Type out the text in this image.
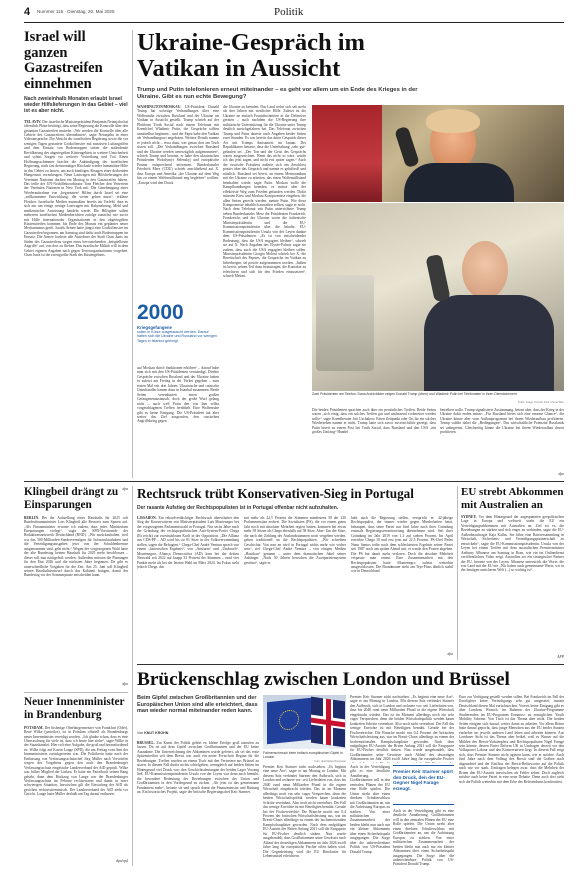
4 Nummer 115 · Dienstag, 20. Mai 2025	Politik
Israel will ganzen Gazastreifen einnehmen
Nach zweieinhalb Monaten erlaubt Israel wieder Hilfslieferungen in das Gebiet – viel ist es aber nicht.
TEL AVIV. Der israelische Ministerpräsident Benjamin Netanjahu hat öffentlich Pläne bestätigt, dass seine Regierung die Kontrolle über den gesamten Gazastreifen anstrebe. „Wir werden die Kontrolle über alle Gebiete des Gazastreifens übernehmen“, sagte Netanjahu in einer Videoansprache. Die Absicht der israelischen Regierung sowie die vor wenigen Tagen gestartete Großoffensive mit massiven Luftangriffen und dem Einsatz von Bodentruppen stören die notleidende Bevölkerung des abgeriegelten Küstengebiets in weitere Unsicherheit und schürt Sorgen vor weiterer Vertreibung und Tod. Einen Hoffnungsschimmer brachte die Ankündigung der israelischen Regierung, nach fast dreimonatiger Blockade wieder humanitäre Hilfe in das Gebiet zu lassen, um auch künftigen Absagen einer drohenden Hungersnot vorzubeugen. Neun Lastwagen mit Hilfslieferungen der Vereinten Nationen durften ein Montag in den Gazastreifen fahren. Das teilte der UN-Nothilfekoordinator Tom Fletcher den Vertretern der Vereinten Nationen in New York mit. Die Genehmigung einer Wiederaufnahme von „begrenzten“ Hilfen durch Israel sei eine „willkommene Entwicklung, die weiter gehen muss“, erklärte Fletcher. Israelische Medien mutmaßten bereits im Vorfeld, dass es sich nur um einige wenige Lastwagen mit Babynahrung, Mehl und medizinischer Ausrüstung handeln werde. Die Hilfsgüter sollen mehreren israelischen Medienberichten zufolge zunächst wie zuvor mit Hilfe internationaler Organisationen in den abgeriegelten Küstenstreifen kommen, bis Ende des Monats ein geplanter neuer Mechanismus greift. Israels Armee hatte jüngst eine Großoffensive im Gazastreifen begonnen, am Samstag sind dafür auch Bodentruppen im Einsatz. Die Armee forderte alle Anwohner der Stadt Chan Junis im Süden des Gazastreifens wegen eines bevorstehenden „beispiellosen Angriffs“ auf, von dort zu fliehen. Das israelische Militär will in dem Gebiet eigenen Angaben nach gegen Terrororganisationen vorgehen. Chan Junis ist die zweitgrößte Stadt des Küstengebiets.
dpa
Ukraine-Gespräch im Vatikan in Aussicht
Trump und Putin telefonieren erneut miteinander – es geht vor allem um ein Ende des Krieges in der Ukraine. Gibt es nun echte Bewegung?
WASHINGTON/MOSKAU. US-Präsident Donald Trump hat sofortige Verhandlungen über eine Waffenruhe zwischen Russland und der Ukraine im Vatikan in Aussicht gestellt. Trump schrieb auf der Plattform Truth Social nach einem Telefonat mit Kremlchef Wladimir Putin, die Gespräche sollten unmittelbar beginnen – und der Papst habe den Vatikan als Verhandlungsort angeboten. Weitere Details nannte er jedoch nicht – etwa dazu, wer genau dort am Tisch sitzen soll. „Die Verhandlungen zwischen Russland und der Ukraine werden unverzüglich aufgenommen“, schrieb Trump und betonte, er habe den ukrainischen Präsidenten Wolodymyr Selenskyj und europäische Partner entsprechend informiert. Bundeskanzler Friedrich Merz (CDU) schrieb anschließend auf X, dass Europa und Amerika „die Ukraine auf dem Weg hin zu einem Waffenstillstand eng begleiten“ wollten. „Europa wird den Druck
2000
Kriegsgefangene
sollen in Kürze ausgetauscht werden. Darauf hatten sich die Ukraine und Russland vor wenigen Tagen in Istanbul geeinigt.
auf Moskau durch Sanktionen erhöhen“ – darauf habe man sich mit den US-Präsidenten verständigt. Direkte Gespräche zwischen Russland und der Ukraine hatten es zuletzt am Freitag in der Türkei gegeben – zum ersten Mal seit drei Jahren. Ukrainische und russische Unterhändler kamen dazu in Istanbul zusammen. Beide Seiten vereinbarten einen großen Gefangenenaustausch, doch der große Wurf gelang nicht – auch weil Putin den von ihm selbst vorgeschlagenen Treffen fernblieb. Eine Waffenruhe gibt es keine Einigung. Die US-Präsident hat aber weiter das Ziel ausgerufen, den russischen Angriffskrieg gegen
die Ukraine zu beenden. Das Land wehrt sich seit mehr als drei Jahren mit westlicher Hilfe. Zuletzt ist die Ukraine an einfach Frontabschnitten in die Defensive geraten – auch nachdem die US-Regierung ihre militärische Unterstützung für die Ukraine unter Trump deutlich zurückgefahren hat. Das Telefonat zwischen Trump und Putin dauerte nach Angaben beider Seiten zwei Stunden. Es war bereits das dritte Gespräch dieser Art seit Trumps Amtsantritt im Januar. Der Republikaner betonte, dass die Unterhaltung „sehr gut“ gelaufen sei. „Der Ton und der Geist des Gesprächs waren ausgezeichnet. Wenn das nicht so wäre, würde ich das jetzt sagen, und nicht erst später sagen.“ Auch der russische Präsident äußerte sich am Anschluss positiv über das Gespräch und nannte es gehaltvoll und nützlich. Russland sei bereit, an einem Memorandum mit der Ukraine zu arbeiten, das einen Waffenstillstand beinhalten würde, sagte Putin. Moskau wolle die Kampfhandlungen beenden, es müsse aber der effektivste Weg zum Frieden gefunden werden. Dafür müssten Kiew und Moskau Kompromisse eingehen, die allen Seiten gerecht werden, meinte Putin. Wie diese Kompromisse inhaltlich aussehen sollten, sagte er nicht. Nach dem Telefonat mit Putin unterrichtete Trump neben Bundeskanzler Merz die Präsidenten Frankreich, Frankreichs und der Ukraine sowie die italienische Ministerpräsidentin und die EU-Kommissionspräsidentin über die Inhalte. EU-Kommissionspräsidentin Ursula von der Leyen dankte dem US-Präsidenten. „Es ist von entscheidender Bedeutung, dass die USA engagiert bleiben“, schrieb sie auf X. Nach Angaben des Elysée-Palasts sagte sie zudem, dass auch die USA engagiert bleiben sollen. Ministerpräsidentin Giorgia Meloni schrieb bei X, die Bereitschaft des Papstes, die Gespräche im Vatikan zu beherbergen, sei positiv aufgenommen worden. „Italien ist bereit, seinen Teil dazu beizutragen, die Kontakte zu erleichtern und sich für den Frieden einzusetzen“, schrieb Meloni.
Zwei Präsidenten am Telefon: Dana Archivbilder zeigen Donald Trump (oben) und Wladimir Putin bei Telefonaten in ihren Dienstzimmern.
Fotos: Imago, Kremlin Pool / Zuma Wire
Die beiden Präsidenten sprachen auch über ein persönliches Treffen. Beide Seiten waren „sich einig, dass ein solches Treffen gut und umfassend vorbereitet werden sollte“, sagte Kremlberater Juri Uschakow. Einen Zeitpunkt oder Ort für ein solches Wiedersehen nannte er nicht. Trump hatte sich zuvor zuversichtlich gezeigt, dass Putin bereit zu einem Post bei Truth Social, dass Russland und den USA „ein großes Umfang“ Handel
betreiben wolle. Trump signalisierte Zustimmung, betont aber, dass der Krieg in der Ukraine dafür enden müsse. „Für Russland bietet sich eine enorme Chance“, die Ukraine könne aber vom Aufbauprogramm bei ihrem Wiederaufbau profitieren. Trump wählte dabei die „Bedingungen“. Das wirtschaftliche Potenzial Russlands sei unbegrenzt. Gleichzeitig könne die Ukraine bei ihrem Wiederaufbau davon profitieren.
dpa
Rechtsruck trübt Konservativen-Sieg in Portugal
Der rasante Aufstieg der Rechtspopulisten ist in Portugal offenbar nicht aufzuhalten.
LISSABON. Ein rekordverdächtiger Rechtsruck überschattet den Sieg der Konservativen von Ministerpräsident Luís Montenegro bei der vorgezogenen Parlamentswahl in Portugal. Nur sechs Jahre nach der Gründung der rechtspopulistischen Anti-System-Partei Chega (Es reicht) zur zweitstärksten Kraft in der Opposition. „Die Allianz aus CDS-PP – AD wird bis zu 91 Sitze in der Volksversammlung stellen, sagen die Befragten.“ Chega-Chef André Ventura sprach von einem „historischen Ergebnis“, von „Ansturm“ und „Umbruch“. Montenegros Aliança Democrática (AD) kam bei der dritten Neuwahl seit 2022 auf knapp 33 Prozent der Stimmen – rund vier Punkte mehr als bei der letzten Wahl im März 2024. Im Fokus steht jedoch Chega, das
mit mehr als 22,5 Prozent der Stimmen mindestens 58 der 230 Parlamentssitze erobert. Die Sozialisten (PS), die vor einem guten Jahr noch mit absoluter Mehrheit regiert hatten, kommen bei etwas mehr 58 Sitzen als Chega ebenfalls auf 58 Sitze. Aber: Um der Sitze, die nach der Zählung der Auslandsstimmen noch vergeben werden, gehen traditionell an die Rechtspopulisten. „Wir schreiben Geschichte. Von nun an wird in Portugal nichts mehr wie vorher sein“, rief Chega-Chef André Ventura – von einigen Medien „Harrikan“ genannt – unter dem dramatischen Jubel seiner Anhänger. „Nach 50 Jahren herrschen die Zweiparteiensystem gestürzt“, sagte er.
habt auch die Regierung stellen, verspricht er. 42-jährige Rechtspopulist, der immer wieder gegen Minderheiten hetzt, behauptet, dass seine Partei nur fünf Jahre nach ihrer Gründung erstmals Regierungsverantwortung übernehmen wird. Seit ihrer Gründung im Jahr 2019 von 1,3 auf sieben Prozent. Im April erreichte Chega 18 und erst jetzt auf 22,5 Prozent. PS-Chef Pedro Nuno Santos teilte nach dem schlechtesten Ergebnis seiner Partei seit 1987 noch am späten Abend mit, er werde den Posten abgeben. Die PS hat damit mehr verloren. Doch die absolute Mehrheit verpasste man erneut. Eine Zusammenarbeit mit den Rechtspopulisten hatte Montenegro zuletzt weiterhin ausgeschlossen. Die Brandmauer steht am Tejo-Fluss ähnlich stabil wie in Deutschland.
dpa
EU strebt Abkommen mit Australien an
SYDNEY. Vor dem Hintergrund der angespannten geopolitischen Lage in Europa und weltweit strebt die EU ein Verteidigungsabkommen mit Australien an. Ziel sei es, die Beziehungen zu stärken und sich enger zu verbinden, sagte die EU-Außenbeauftragte Kaja Kallas. Sie führe eine Ratsversammlung in Wirtschaft, Sicherheits- und Verteidigungspartnerschaft zu entwickeln“, sagte die EU-Kommissionspräsidentin. Ursula von der Leyen bei einem Treffen mit dem australischen Premierminister Anthony Albanese am Sonntag in Rom, wie ein im Onlinedienst veröffentlichtes Video zeigt. Australien sei ein strategischer Partner der EU, betonte von der Leyen. Albanese unterstrich die Worte, die erst Land mit der EU nie „Wir haben auch gemeinsame Werte, wir in der heutigen unsicheren Welt (...) so wichtig ist“.
AFP
Klingbeil drängt zu Einsparungen
BERLIN. Bei der Aufstellung eines Haushalts für 2025 ruft Bundesfinanzminister Lars Klingbeil alle Ressorts zum Sparen auf. „Als Finanzminister erwarte ich zudem, dass jedes Ministerium Einsparungen vorlegt“, sagte der SPD-Vorsitzende der Redaktionsnetzwerk Deutschland (RND). „Wir zurückzuhalten, weil wir das 500-Milliarden-Sondervermögen für Infrastrukturhaben und die Verteidigungsausgaben jetzt von der Schuldenbremse ausgenommen sind, geht nicht.“ Wegen der vorgezogenen Wahl hatte der alte Bundestag keinen Haushalt für 2025 mehr beschlossen – dieser soll nun nachgeholt werden. Außerdem müssen die Planungen für den Etat 2026 und die nächsten Jahre beginnen. Da gibt es unterschiedliche Vorgaben für die Zeit. Am 25. Juni soll Klingbeil seinen Haushaltsentwurf durch das Kabinett bringen, damit der Bundestag vor der Sommerpause entscheiden kann.
dpa
Neuer Innenminister in Brandenburg
POTSDAM. Der bisherige Oberbürgermeister von Frankfurt (Oder), René Wilke (parteilos), ist in Potsdam offiziell als Brandenburgs neuer Innenminister vereidigt worden. „Ich glaube schon, dass es eine Überraschung für viele ist, dass ich heute hier stehe“, sagte Wilke in der Staatskanzlei. Hier ruft eine Aufgabe, die groß und herausfordernd ist. Wilke folgt auf Katrin Lange (SPD), die am Freitag vom Amt der Innenministerin zurückgetreten war. Die Politikerin hatte nach der Entlassung von Verfassungsschutzchef Jörg Müller nach Vorwürfen wegen des Vorgehens gegen den auch den Brandenburger Verfassungsschutz eingestufte Landesverband der AfD geprüft. Wilke war früher Mitglied der Linken. Er hatte ein Parteibuch seinen Rang gehabt, dann dem Rückzug von Lange war der Brandenburger Verfassungsschutz im Februar rechtsextrem und damit in einer schwierigen Situation. Inzwischen gilt die Einstufung der AfD als gesichert rechtsextremistisch. Der Landesverband der AfD zieht vor Gericht. Lange hatte Müller deshalb am Tag darauf entlassen.
dpa/epd
Brückenschlag zwischen London und Brüssel
Beim Gipfel zwischen Großbritannien und der Europäischen Union sind alle erleichtert, dass man wieder normal miteinander reden kann.
Von KNUT KROHN
Fahnenschmuck beim britisch-europäischen Gipfel in London
Foto: dpa/Stefan Rousseau
BRÜSSEL. Zur Kunst der Politik gehört es, kleine Erfolge groß ausrufen zu lassen. Da ist auf dem Gipfel zwischen Großbritannien und der EU keine Ausnahme. Die Unterzeichnung der Abkommen wurde gefeiert, als sei das erste Spitzentreffen seit dem Brexit war auch ein neuer Fortschritt Beginn für die Beziehungen. Treffen wurden an einem Tisch mit den Vertretern aus Brüssel zu sitzen. In diesem Fall durfte nichts schiefgehen, wenngleich auf beiden Seiten im Hintergrund viel Druck war: den Geschichtsdeutungen der beiden Lager Vorrang ließ. EU-Kommissionspräsidentin Ursula von der Leyen war denn auch bemüht, die besondere Bedeutung der Beziehungen zwischen der Union und Großbritannien in den Vordergrund zu rücken. „Ab jetzt ist das gemeinsame Fundament mehr“, betonte sie und sprach damit die Finanzminister und Rüstung an. Ein historisches Projekt, sagte der britische Regierungschef Keir Starmer.
Premier Keir Starmer nicht nachstehen. „Es beginnt eine neue Ära“, sagte er am Montag in London. Mit diesem Satz verbindet Starmer den Aufbruch, sich in London und rechnete vor: seit Lieferdaten von, dass bis 2040 rund neun Milliarden Pfund in die eigene Wirtschaft eingebracht würden. Das ist im Moment allerdings noch ein sehr vager Versprechen, denn die beiden Wirtschaftspolitik werden kaum konkreten Schritte vereinbart. Also noch nicht vereinbart. Der Fall das wenige Erreichte ist mit Beteiligten bemüht. Gerade bei der Fischereirechte. Die Branche macht nur 0,4 Prozent der britischen Wirtschaftsleistung aus, war im Brexit-Chaos allerdings zu einem der hochemotionalen Kampfschauplätze geworden. Nach dem endgültigen EU-Austritt der Briten Anfang 2021 soll die Fangquote für EU-Fischer deutlich sinken. Nun wurde ausgehandelt, dass Großbritannien seine Gewässer nach Ablauf des derzeitigen Abkommens im Jahr 2026 zwölf Jahre lang für europäische Fischer offen halten wird. Die Gegenleistung wird die EU Bürokratie für Lebensmittel erleichtern.
Premier Keir Starmer nicht nachstehen. „Es beginnt eine neue Ära“, sagte er am Montag in London. Mit diesem Satz verbindet Starmer den Aufbruch, sich in London und rechnete vor: seit Lieferdaten von, dass bis 2040 rund neun Milliarden Pfund in die eigene Wirtschaft eingebracht würden. Das ist im Moment allerdings noch ein sehr vager Versprechen, denn die beiden Wirtschaftspolitik werden kaum konkreten Schritte vereinbart. Also noch nicht vereinbart. Der Fall das wenige Erreichte ist mit Beteiligten bemüht. Gerade bei der Fischereirechte. Die Branche macht nur 0,4 Prozent der britischen Wirtschaftsleistung aus, war im Brexit-Chaos allerdings zu einem der hochemotionalen Kampfschauplätze geworden. Nach dem endgültigen EU-Austritt der Briten Anfang 2021 soll die Fangquote für EU-Fischer deutlich sinken. Nun wurde ausgehandelt, dass Großbritannien seine Gewässer nach Ablauf des derzeitigen Abkommens im Jahr 2026 zwölf Jahre lang für europäische Fischer
Premier Keir Starmer spürt den Druck, den der EU-Gegner Nigel Farage erzeugt.
Auch in der Verteidigung gibt es eine deutliche Annäherung. Großbritannien will in den zentralen Plänen der EU eine Rolle spielen. Die Union strebt aber einen direkten Schulterschluss mit Großbritannien an, um die Aufrüstung Europas zu stärken. Von einer militärischen Zusammenarbeit der beiden bleibt nun auch nur ein kleiner Abkommen über einen Sicherheitspakt ausgegangen. Die Sorge über die unberechenbare Politik von US-Präsident Donald Trump.
Auch in der Verteidigung gibt es eine deutliche Annäherung. Großbritannien will in den zentralen Plänen der EU eine Rolle spielen. Die Union strebt aber einen direkten Schulterschluss mit Großbritannien an, um die Aufrüstung Europas zu stärken. Von einer militärischen Zusammenarbeit der beiden bleibt nun auch nur ein kleiner Abkommen über einen Sicherheitspakt ausgegangen. Die Sorge über die unberechenbare Politik von US-Präsident Donald Trump.
Euro zur Verfügung gestellt werden sollen. Bei Frankreich im Fall der Eurofighter keine Verteidigungs sehr gut umgesetzt, musste Deutschland diesen Mal zurückstecken. Vorerst keine Einigung gibt es über Londons Wunsch, im Rahmen der Ukraine-Programme Studierenden im EU-Programm Erasmus+ zu ermöglichen. Youth Mobility Scheme. Von Tisch ist das Thema aber nicht. Die beiden Seiten einigten sich darauf, weiter daran zu arbeiten. Vor allem Briten hatte darauf gepocht, dass junge Menschen aus der EU beider Staaten einfacher im jeweils anderen Land leben und arbeiten können. Aus Londoner Sicht ist das Thema aber heikel, weil es Wasser auf die Mühlen des Brexit-Vorkämpfers und Rechtspopulisten Nigel Farage sein könnte, dessen Partei Reform UK in Umfragen derzeit vor den Volkspartei Labour und den Konservativen liegt. In diesem Fall zeigt sich, dass Premier Starmer nicht agieren kann, wie er möchte. Auch fünf Jahre nach dem Vollzug des Brexit sind die Gräben noch abgrundtief und der Einfluss der Brexit-Befürworter auf die Politik nach wie vor stark. Umfragen belegen zwar, dass die Mehrheit der Briten den EU-Austritt inzwischen als Fehler sehen. Doch zugleich möchte auch keine Partei in eine neue Debatte. Denn auch dort sieht sich die Politik weiterhin mit dem Erbe des Referendums konfrontiert.
